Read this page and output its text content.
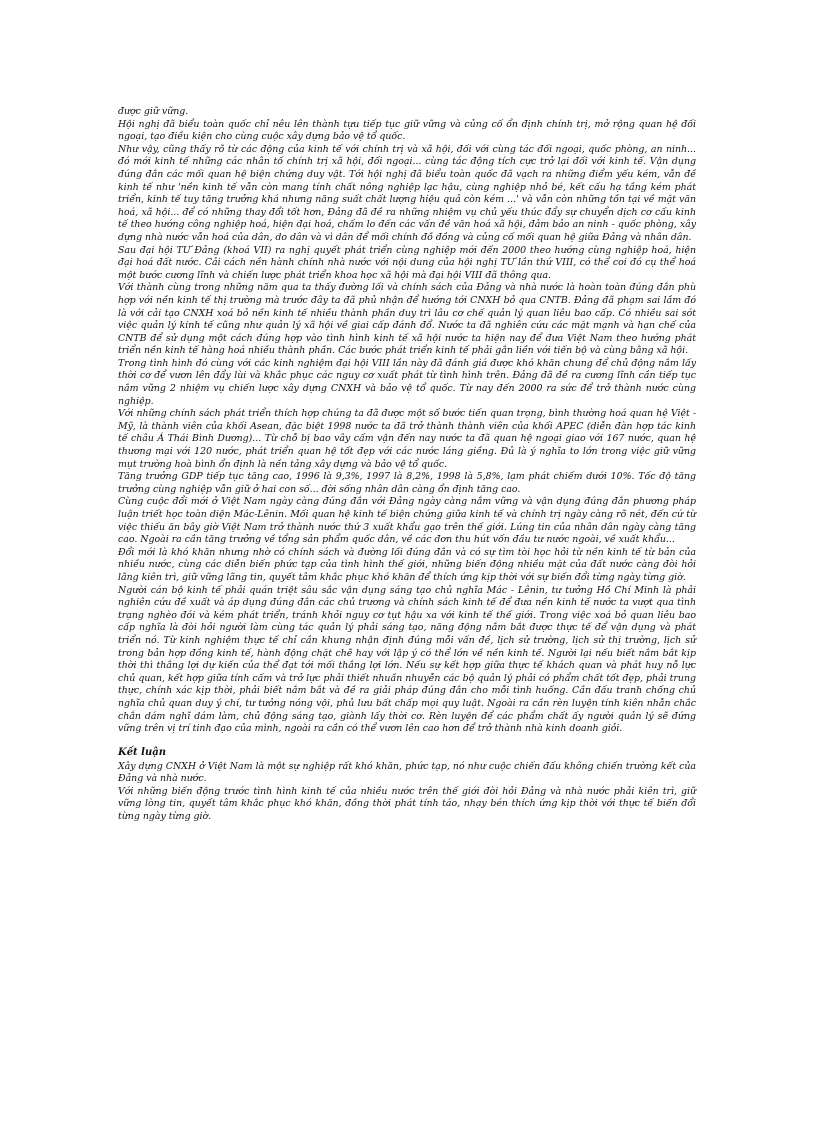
được giữ vững.

Hội nghị đã biểu toàn quốc chỉ nêu lên thành tựu tiếp tục giữ vững và củng cố ổn định chính trị, mở rộng quan hệ đối ngoại, tạo điều kiện cho cùng cuộc xây dựng bảo vệ tổ quốc.

Như vậy, cũng thấy rõ từ các động của kinh tế với chính trị và xã hội, đối với cùng tác đối ngoại, quốc phòng, an ninh... đó mới kinh tế những các nhân tố chính trị xã hội, đối ngoại... cùng tác động tích cực trở lại đối với kinh tế. Vận dụng đúng đắn các mối quan hệ biện chứng duy vật. Tới hội nghị đã biểu toàn quốc đã vạch ra những điểm yếu kém, vẫn đề kinh tế như 'nền kinh tế vẫn còn mang tính chất nông nghiệp lạc hậu, cùng nghiệp nhỏ bé, kết cấu hạ tầng kém phát triển, kinh tế tuy tăng trưởng khá nhưng năng suất chất lượng hiệu quả còn kém ...' và vẫn còn những tồn tại về mặt văn hoá, xã hội... để có những thay đổi tốt hơn, Đảng đã đề ra những nhiệm vụ chủ yếu thúc đẩy sự chuyển dịch cơ cấu kinh tế theo hướng công nghiệp hoá, hiện đại hoá, chấm lo đến các vấn đề văn hoá xã hội, đảm bảo an ninh - quốc phòng, xây dựng nhà nước vẫn hoá của dân, do dân và vì dân để mối chính đồ đồng và củng cố mối quan hệ giữa Đảng và nhân dân.

Sau đại hội TƯ Đảng (khoá VII) ra nghị quyết phát triển cùng nghiệp mới đến 2000 theo hướng cùng nghiệp hoá, hiện đại hoá đất nước. Cải cách nền hành chính nhà nước với nội dung của hội nghị TƯ lần thứ VIII, có thể coi đó cụ thể hoá một bước cương lĩnh và chiến lược phát triển khoa học xã hội mà đại hội VIII đã thông qua.

Với thành cùng trong những năm qua ta thấy đường lối và chính sách của Đảng và nhà nước là hoàn toàn đúng đắn phù hợp với nền kinh tế thị trường mà trước đây ta đã phủ nhận để hướng tới CNXH bỏ qua CNTB. Đảng đã phạm sai lầm đó là với cải tạo CNXH xoá bỏ nền kinh tế nhiều thành phần duy trì lâu cơ chế quản lý quan liêu bao cấp. Có nhiều sai sót việc quản lý kinh tế cũng như quản lý xã hội về giai cấp đánh đổ. Nước ta đã nghiên cứu các mặt mạnh và hạn chế của CNTB để sử dụng một cách đúng hợp vào tình hình kinh tế xã hội nước ta hiện nay để đưa Việt Nam theo hướng phát triển nền kinh tế hàng hoá nhiều thành phần. Các bước phát triển kinh tế phải gắn liền với tiến bộ và cùng bằng xã hội.

Trong tình hình đó cùng với các kinh nghiệm đại hội VIII lần này đã đánh giá được khó khăn chung để chủ động nắm lấy thời cơ để vươn lên đẩy lùi và khắc phục các nguy cơ xuất phát từ tình hình trên. Đảng đã đề ra cương lĩnh cần tiếp tục nắm vững 2 nhiệm vụ chiến lược xây dựng CNXH và bảo vệ tổ quốc. Từ nay đến 2000 ra sức để trở thành nước cùng nghiệp.

Với những chính sách phát triển thích hợp chúng ta đã được một số bước tiến quan trọng, bình thường hoá quan hệ Việt - Mỹ, là thành viên của khối Asean, đặc biệt 1998 nước ta đã trở thành thành viên của khối APEC (diễn đàn hợp tác kinh tế châu Á Thái Bình Dương)... Từ chỗ bị bao vây cấm vận đến nay nước ta đã quan hệ ngoại giao với 167 nước, quan hệ thương mại với 120 nước, phát triển quan hệ tốt đẹp với các nước láng giềng. Đủ là ý nghĩa to lớn trong việc giữ vững mụt trường hoà bình ổn định là nền tảng xây dựng và bảo vệ tổ quốc.

Tăng trưởng GDP tiếp tục tăng cao, 1996 là 9,3%, 1997 là 8,2%, 1998 là 5,8%, lạm phát chiếm dưới 10%. Tốc độ tăng trưởng cùng nghiệp vẫn giữ ở hai con số... đời sống nhân dân càng ổn định tăng cao.

Cùng cuộc đổi mới ở Việt Nam ngày càng đúng đắn với Đảng ngày càng nắm vững và vận dụng đúng đắn phương pháp luận triết học toàn diện Mác-Lênin. Mối quan hệ kinh tế biện chứng giữa kinh tế và chính trị ngày càng rõ nét, đến cứ từ việc thiếu ăn bây giờ Việt Nam trở thành nước thứ 3 xuất khẩu gạo trên thế giới. Lúng tin của nhân dân ngày càng tăng cao. Ngoài ra cần tăng trưởng về tổng sản phẩm quốc dân, về các đơn thu hút vốn đầu tư nước ngoài, về xuất khẩu...

Đổi mới là khó khăn nhưng nhờ có chính sách và đường lối đúng đắn và có sự tìm tòi học hỏi từ nền kinh tế từ bản của nhiều nước, cùng các diễn biến phức tạp của tình hình thế giới, những biến động nhiều mặt của đất nước càng đòi hỏi lãng kiên trì, giữ vững lãng tin, quyết tâm khắc phục khó khăn để thích ứng kịp thời với sự biến đổi từng ngày từng giờ.

Người cán bộ kinh tế phải quán triệt sâu sắc vận dụng sáng tạo chủ nghĩa Mác - Lênin, tư tưởng Hồ Chí Minh là phải nghiên cứu đề xuất và áp dụng đúng đắn các chủ trương và chính sách kinh tế để đưa nền kinh tế nước ta vượt qua tình trạng nghèo đói và kém phát triển, tránh khỏi nguy cơ tụt hậu xa với kinh tế thế giới. Trong việc xoá bỏ quan liêu bao cấp nghĩa là đòi hỏi người làm cùng tác quản lý phải sáng tạo, năng động nắm bắt được thực tế để vận dụng và phát triển nó. Từ kinh nghiệm thực tế chỉ cần khung nhận định đúng mỗi vấn đề, lịch sử trường, lịch sử thị trường, lịch sử trong bản hợp đồng kinh tế, hành động chặt chẽ hay với lập ý có thể lớn về nền kinh tế. Người lại nếu biết nắm bắt kịp thời thì thắng lợi dự kiến của thể đạt tới mối thắng lợi lớn. Nếu sự kết hợp giữa thực tế khách quan và phát huy nỗ lực chủ quan, kết hợp giữa tính cấm và trở lực phải thiết nhuần nhuyễn các bộ quản lý phải có phẩm chất tốt đẹp, phải trung thực, chính xác kịp thời, phải biết nắm bắt và đề ra giải pháp đúng đắn cho mỗi tình huống. Cần đấu tranh chống chủ nghĩa chủ quan duy ý chí, tư tưởng nóng vội, phủ lưu bất chấp mọi quy luật. Ngoài ra cần rèn luyện tính kiên nhẫn chắc chắn dám nghĩ dám làm, chủ động sáng tạo, giành lấy thời cơ. Rèn luyện để các phẩm chất ấy người quản lý sẽ đứng vững trên vị trí tinh đạo của mình, ngoài ra cần có thể vươn lên cao hơn để trở thành nhà kinh doanh giỏi.

Kết luận

Xây dựng CNXH ở Việt Nam là một sự nghiệp rất khó khăn, phức tạp, nó như cuộc chiến đấu không chiến trường kết của Đảng và nhà nước.

Với những biến động trước tình hình kinh tế của nhiều nước trên thế giới đòi hỏi Đảng và nhà nước phải kiên trì, giữ vững lòng tin, quyết tâm khắc phục khó khăn, đồng thời phát tính táo, nhạy bén thích ứng kịp thời với thực tế biến đổi từng ngày từng giờ.
